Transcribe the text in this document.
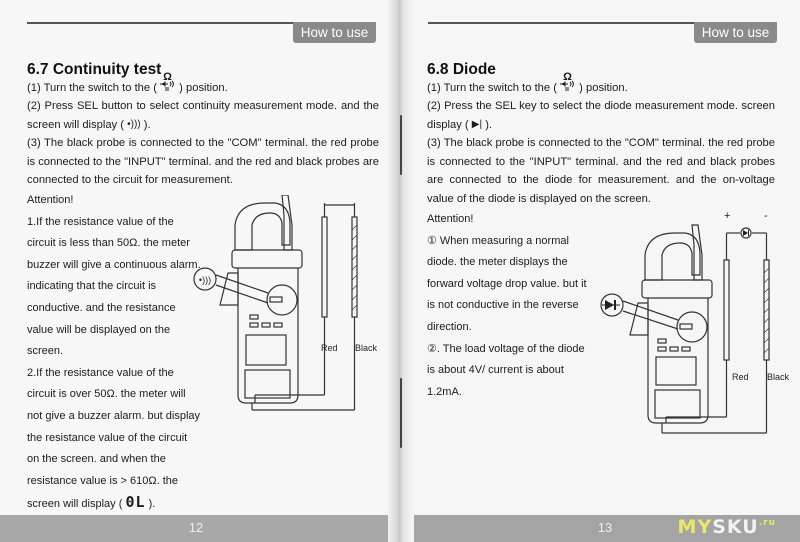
How to use
6.7 Continuity test

(1) Turn the switch to the (
Ω
) position.

(2) Press SEL button to select continuity measurement mode. and the screen will display ( •))) ).

(3) The black probe is connected to the "COM" terminal. the red probe is connected to the "INPUT" terminal. and the red and black probes are connected to the circuit for measurement.

Attention!

1.If the resistance value of the

circuit is less than 50Ω. the meter

buzzer will give a continuous alarm.

indicating that the circuit is

conductive. and the resistance

value will be displayed on the

screen.

2.If the resistance value of the

circuit is over 50Ω. the meter will

not give a buzzer alarm. but display

the resistance value of the circuit

on the screen. and when the

resistance value is > 610Ω. the

screen will display ( 0L ).

•)))
Red Black
12
How to use
6.8 Diode

(1) Turn the switch to the (
Ω
) position.

(2) Press the SEL key to select the diode measurement mode. screen display ( ▶| ).

(3) The black probe is connected to the "COM" terminal. the red probe is connected to the "INPUT" terminal. and the red and black probes are connected to the diode for measurement. and the on-voltage value of the diode is displayed on the screen.

Attention!

① When measuring a normal

diode. the meter displays the

forward voltage drop value. but it

is not conductive in the reverse

direction.

②. The load voltage of the diode

is about 4V/ current is about

1.2mA.

+	-
Red Black
13	$MYSKU^{.ru}$
